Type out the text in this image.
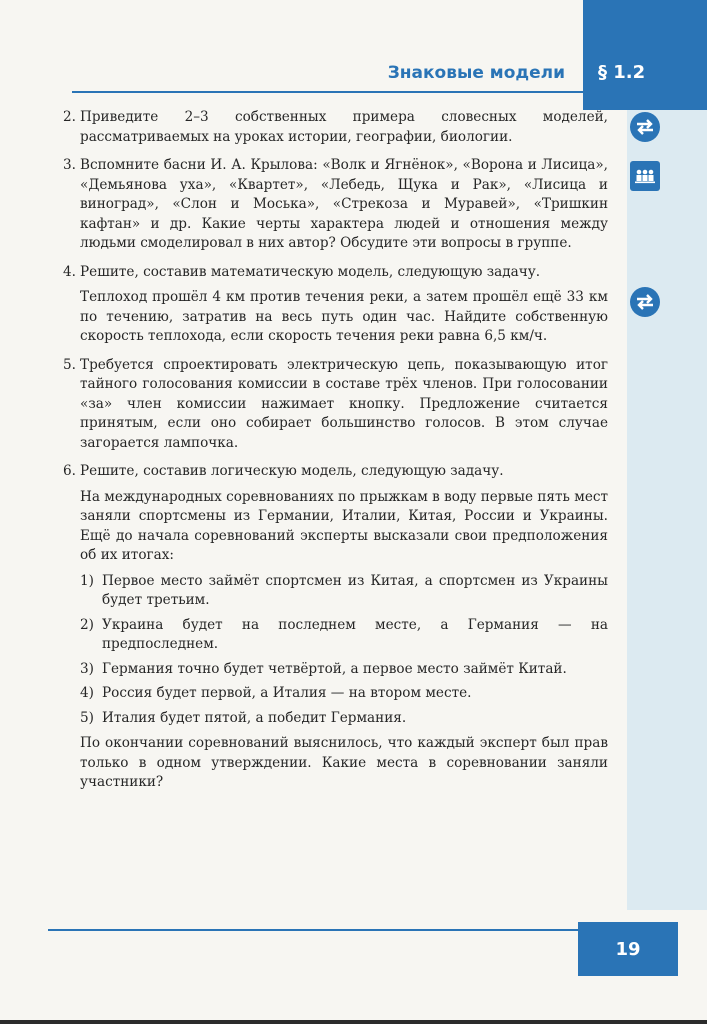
Знаковые модели § 1.2
2. Приведите 2–3 собственных примера словесных моделей, рассматриваемых на уроках истории, географии, биологии.
3. Вспомните басни И. А. Крылова: «Волк и Ягнёнок», «Ворона и Лисица», «Демьянова уха», «Квартет», «Лебедь, Щука и Рак», «Лисица и виноград», «Слон и Моська», «Стрекоза и Муравей», «Тришкин кафтан» и др. Какие черты характера людей и отношения между людьми смоделировал в них автор? Обсудите эти вопросы в группе.
4. Решите, составив математическую модель, следующую задачу.

Теплоход прошёл 4 км против течения реки, а затем прошёл ещё 33 км по течению, затратив на весь путь один час. Найдите собственную скорость теплохода, если скорость течения реки равна 6,5 км/ч.

5. Требуется спроектировать электрическую цепь, показывающую итог тайного голосования комиссии в составе трёх членов. При голосовании «за» член комиссии нажимает кнопку. Предложение считается принятым, если оно собирает большинство голосов. В этом случае загорается лампочка.
6. Решите, составив логическую модель, следующую задачу.

На международных соревнованиях по прыжкам в воду первые пять мест заняли спортсмены из Германии, Италии, Китая, России и Украины. Ещё до начала соревнований эксперты высказали свои предположения об их итогах:

1) Первое место займёт спортсмен из Китая, а спортсмен из Украины будет третьим.
2) Украина будет на последнем месте, а Германия — на предпоследнем.
3) Германия точно будет четвёртой, а первое место займёт Китай.
4) Россия будет первой, а Италия — на втором месте.
5) Италия будет пятой, а победит Германия.

По окончании соревнований выяснилось, что каждый эксперт был прав только в одном утверждении. Какие места в соревновании заняли участники?

19
